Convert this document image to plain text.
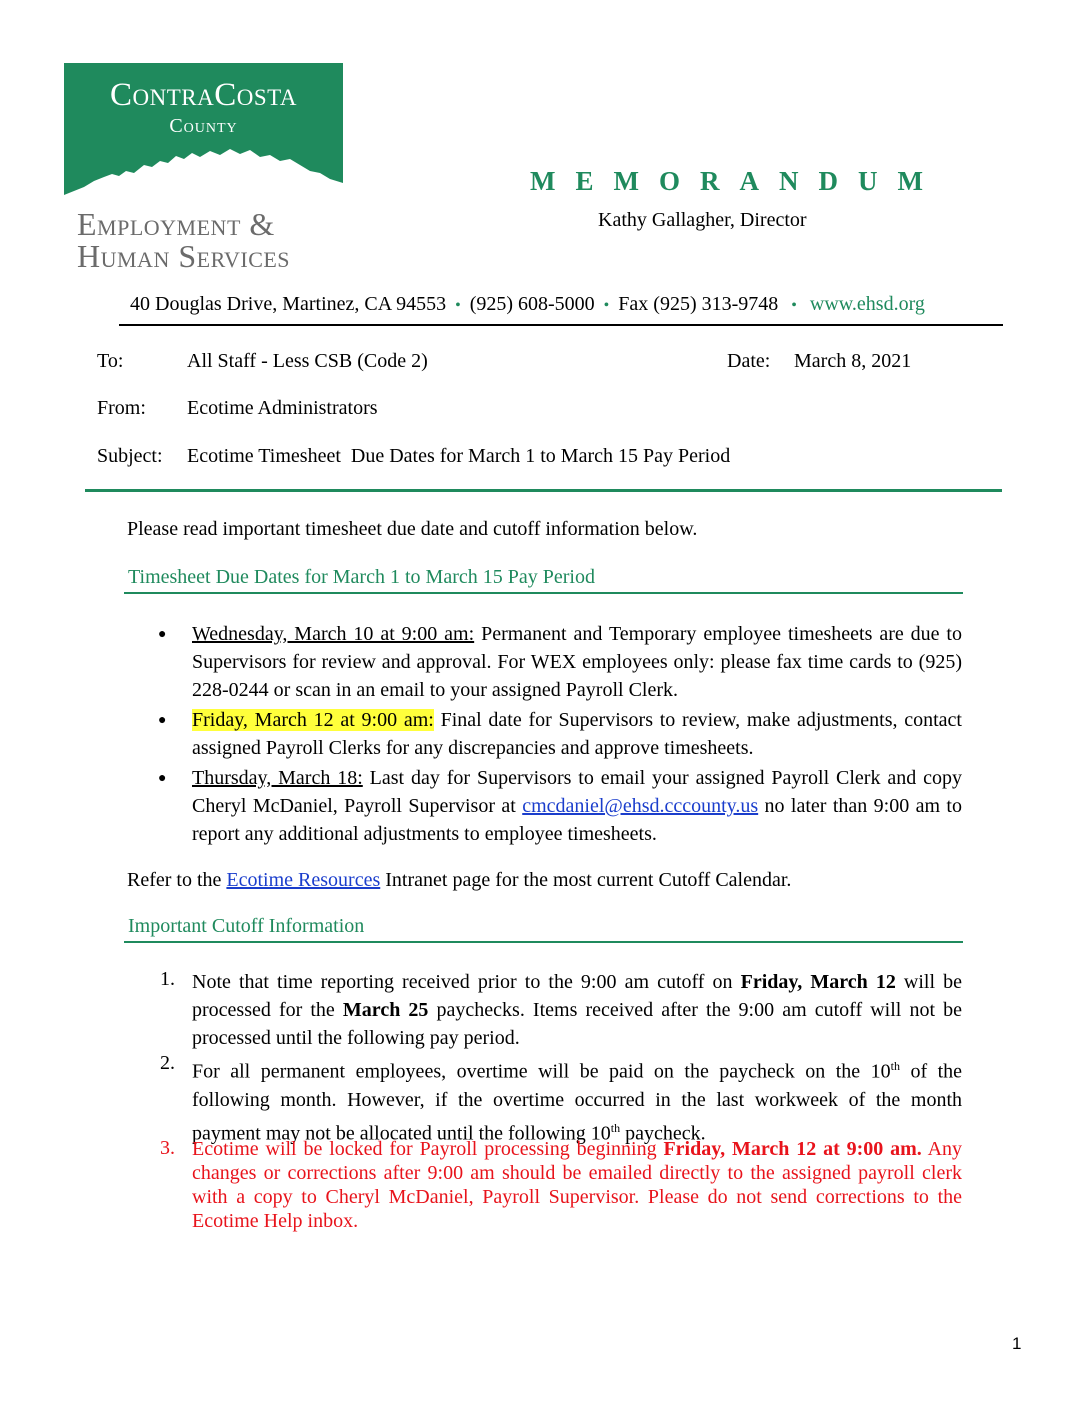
ContraCosta
County
Employment &
Human Services
MEMORANDUM
Kathy Gallagher, Director
40 Douglas Drive, Martinez, CA 94553 • (925) 608-5000 • Fax (925) 313-9748 • www.ehsd.org
To:	All Staff - Less CSB (Code 2)	Date: March 8, 2021
From: Ecotime Administrators
Subject: Ecotime Timesheet  Due Dates for March 1 to March 15 Pay Period
Please read important timesheet due date and cutoff information below.
Timesheet Due Dates for March 1 to March 15 Pay Period
● Wednesday, March 10 at 9:00 am: Permanent and Temporary employee timesheets are due to Supervisors for review and approval. For WEX employees only: please fax time cards to (925) 228-0244 or scan in an email to your assigned Payroll Clerk.
● Friday, March 12 at 9:00 am: Final date for Supervisors to review, make adjustments, contact assigned Payroll Clerks for any discrepancies and approve timesheets.
● Thursday, March 18: Last day for Supervisors to email your assigned Payroll Clerk and copy Cheryl McDaniel, Payroll Supervisor at cmcdaniel@ehsd.cccounty.us no later than 9:00 am to report any additional adjustments to employee timesheets.
Refer to the Ecotime Resources Intranet page for the most current Cutoff Calendar.
Important Cutoff Information
1. Note that time reporting received prior to the 9:00 am cutoff on Friday, March 12 will be processed for the March 25 paychecks. Items received after the 9:00 am cutoff will not be processed until the following pay period.
2. For all permanent employees, overtime will be paid on the paycheck on the 10th of the following month. However, if the overtime occurred in the last workweek of the month payment may not be allocated until the following 10th paycheck.
3. Ecotime will be locked for Payroll processing beginning Friday, March 12 at 9:00 am. Any changes or corrections after 9:00 am should be emailed directly to the assigned payroll clerk with a copy to Cheryl McDaniel, Payroll Supervisor. Please do not send corrections to the Ecotime Help inbox.
1
